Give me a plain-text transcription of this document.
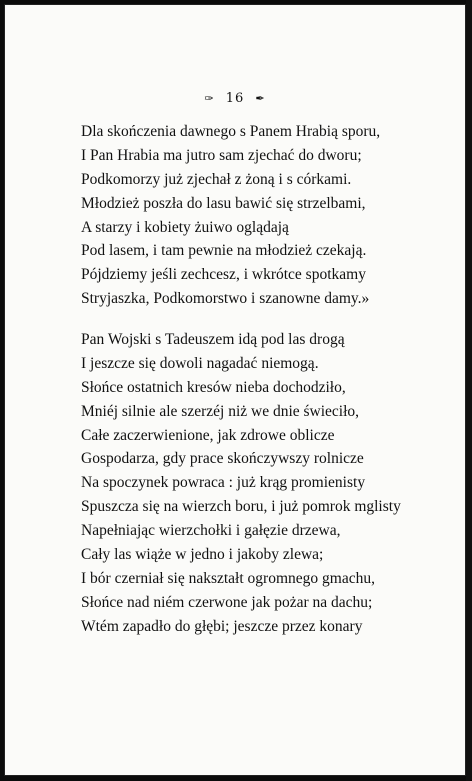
✑ 16 ✒
Dla skończenia dawnego s Panem Hrabią sporu,
I Pan Hrabia ma jutro sam zjechać do dworu;
Podkomorzy już zjechał z żoną i s córkami.
Młodzież poszła do lasu bawić się strzelbami,
A starzy i kobiety żuiwo oglądają
Pod lasem, i tam pewnie na młodzież czekają.
Pójdziemy jeśli zechcesz, i wkrótce spotkamy
Stryjaszka, Podkomorstwo i szanowne damy.»
Pan Wojski s Tadeuszem idą pod las drogą
I jeszcze się dowoli nagadać niemogą.
Słońce ostatnich kresów nieba dochodziło,
Mniéj silnie ale szerzéj niż we dnie świeciło,
Całe zaczerwienione, jak zdrowe oblicze
Gospodarza, gdy prace skończywszy rolnicze
Na spoczynek powraca : już krąg promienisty
Spuszcza się na wierzch boru, i już pomrok mglisty
Napełniając wierzchołki i gałęzie drzewa,
Cały las wiąże w jedno i jakoby zlewa;
I bór czerniał się nakształt ogromnego gmachu,
Słońce nad niém czerwone jak pożar na dachu;
Wtém zapadło do głębi; jeszcze przez konary
